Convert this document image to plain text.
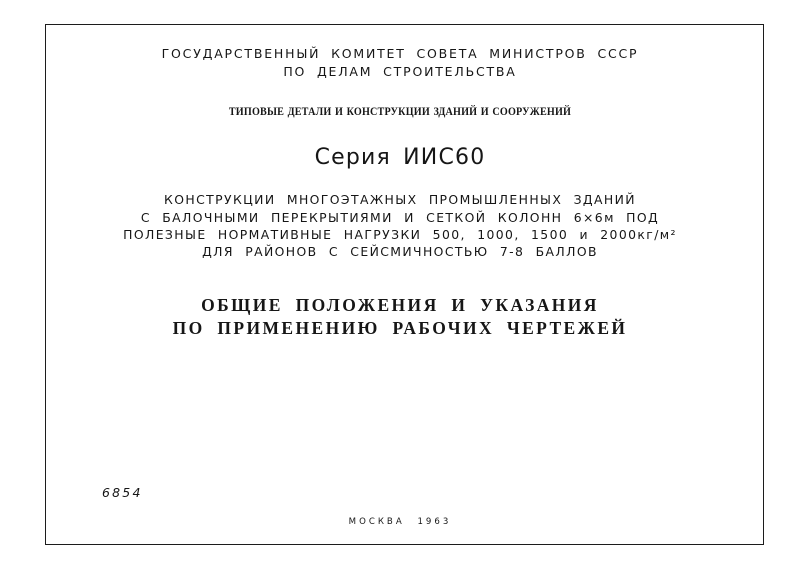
ГОСУДАРСТВЕННЫЙ КОМИТЕТ СОВЕТА МИНИСТРОВ СССР
ПО ДЕЛАМ СТРОИТЕЛЬСТВА
ТИПОВЫЕ ДЕТАЛИ И КОНСТРУКЦИИ ЗДАНИЙ И СООРУЖЕНИЙ
Серия ИИС60
КОНСТРУКЦИИ МНОГОЭТАЖНЫХ ПРОМЫШЛЕННЫХ ЗДАНИЙ
С БАЛОЧНЫМИ ПЕРЕКРЫТИЯМИ И СЕТКОЙ КОЛОНН 6×6м ПОД
ПОЛЕЗНЫЕ НОРМАТИВНЫЕ НАГРУЗКИ 500, 1000, 1500 и 2000кг/м²
ДЛЯ РАЙОНОВ С СЕЙСМИЧНОСТЬЮ 7-8 БАЛЛОВ
ОБЩИЕ ПОЛОЖЕНИЯ И УКАЗАНИЯ
ПО ПРИМЕНЕНИЮ РАБОЧИХ ЧЕРТЕЖЕЙ
6854
МОСКВА 1963
